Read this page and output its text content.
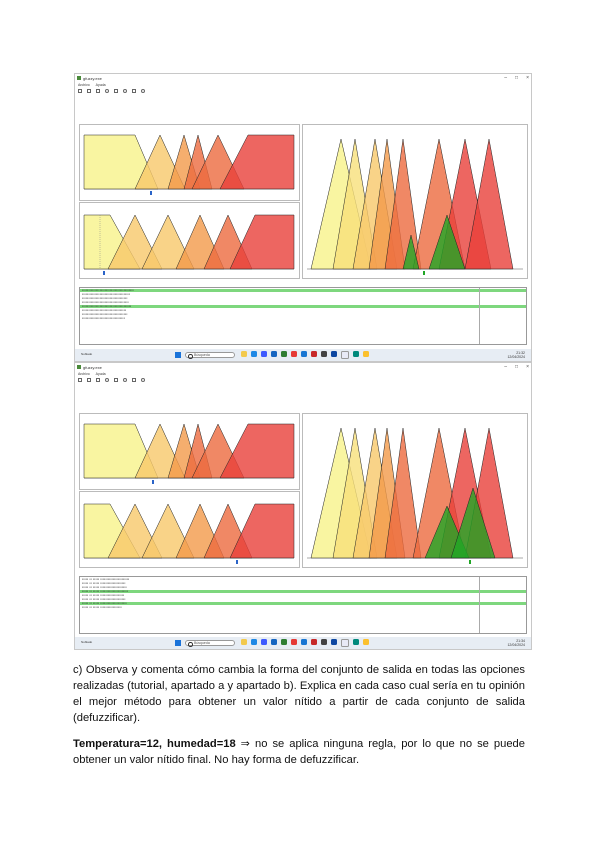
gfuzzy.exe	– □ ×
Archivo Ayuda
▪▪▪▪▪▪▪▪▪▪▪▪▪▪▪▪▪▪▪▪▪▪▪▪▪▪▪▪▪▪▪▪▪▪▪▪▪▪▪▪▪
▪▪▪▪▪▪▪▪▪▪▪▪▪▪▪▪▪▪▪▪▪▪▪▪▪▪▪▪▪▪▪▪▪▪▪▪▪▪
▪▪▪▪▪▪▪▪▪▪▪▪▪▪▪▪▪▪▪▪▪▪▪▪▪▪▪▪▪▪▪▪▪▪▪▪
▪▪▪▪▪▪▪▪▪▪▪▪▪▪▪▪▪▪▪▪▪▪▪▪▪▪▪▪▪▪▪▪▪▪▪▪▪
▪▪▪▪▪▪▪▪▪▪▪▪▪▪▪▪▪▪▪▪▪▪▪▪▪▪▪▪▪▪▪▪▪▪▪▪▪▪▪
▪▪▪▪▪▪▪▪▪▪▪▪▪▪▪▪▪▪▪▪▪▪▪▪▪▪▪▪▪▪▪▪▪▪▪
▪▪▪▪▪▪▪▪▪▪▪▪▪▪▪▪▪▪▪▪▪▪▪▪▪▪▪▪▪▪▪▪▪▪▪▪
▪▪▪▪▪▪▪▪▪▪▪▪▪▪▪▪▪▪▪▪▪▪▪▪▪▪▪▪▪▪▪▪▪▪
Nublado	Búsqueda	21:32
12/04/2024
gfuzzy.exe	– □ ×
Archivo Ayuda
▪▪▪▪▪ ▪▪ ▪▪▪▪▪ ▪▪▪▪▪▪▪▪▪▪▪▪▪▪▪▪▪▪▪▪▪▪▪
▪▪▪▪▪ ▪▪ ▪▪▪▪▪ ▪▪▪▪▪▪▪▪▪▪▪▪▪▪▪▪▪▪▪▪
▪▪▪▪▪ ▪▪ ▪▪▪▪▪ ▪▪▪▪▪▪▪▪▪▪▪▪▪▪▪▪▪▪▪▪▪
▪▪▪▪▪ ▪▪ ▪▪▪▪▪ ▪▪▪▪▪▪▪▪▪▪▪▪▪▪▪▪▪▪▪▪▪▪
▪▪▪▪▪ ▪▪ ▪▪▪▪▪ ▪▪▪▪▪▪▪▪▪▪▪▪▪▪▪▪▪▪▪
▪▪▪▪▪ ▪▪ ▪▪▪▪▪ ▪▪▪▪▪▪▪▪▪▪▪▪▪▪▪▪▪▪▪▪
▪▪▪▪▪ ▪▪ ▪▪▪▪▪ ▪▪▪▪▪▪▪▪▪▪▪▪▪▪▪▪▪▪▪▪▪
▪▪▪▪▪ ▪▪ ▪▪▪▪▪ ▪▪▪▪▪▪▪▪▪▪▪▪▪▪▪▪▪
Nublado	Búsqueda	21:34
12/04/2024

c) Observa y comenta cómo cambia la forma del conjunto de salida en todas las opciones realizadas (tutorial, apartado a y apartado b). Explica en cada caso cual sería en tu opinión el mejor método para obtener un valor nítido a partir de cada conjunto de salida (defuzzificar).

Temperatura=12, humedad=18 ⇒ no se aplica ninguna regla, por lo que no se puede obtener un valor nítido final. No hay forma de defuzzificar.
